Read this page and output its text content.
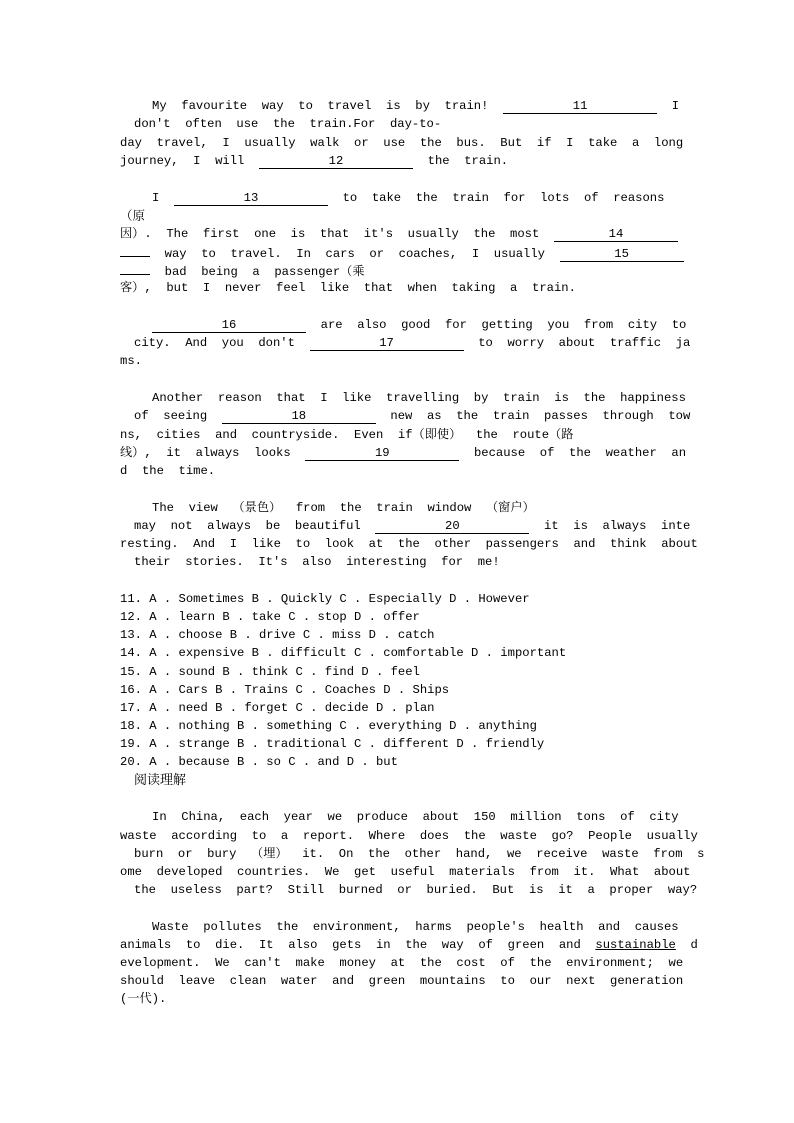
My  favourite  way  to  travel  is  by  train!	11	I
don't  often  use  the  train.For  day-to-
day  travel,  I  usually  walk  or  use  the  bus.  But  if  I  take  a  long
journey,  I  will	12	the  train.
I	13	to  take  the  train  for  lots  of  reasons
（原
因）.  The  first  one  is  that  it's  usually  the  most	14
way  to  travel.  In  cars  or  coaches,  I  usually	15
bad  being  a  passenger（乘
客）,  but  I  never  feel  like  that  when  taking  a  train.
16	are  also  good  for  getting  you  from  city  to
city.  And  you  don't	17	to  worry  about  traffic  ja
ms.
Another  reason  that  I  like  travelling  by  train  is  the  happiness
of  seeing	18	new  as  the  train  passes  through  tow
ns,  cities  and  countryside.  Even  if（即使）  the  route（路
线）,  it  always  looks	19	because  of  the  weather  an
d  the  time.
The  view  （景色）  from  the  train  window  （窗户）
may  not  always  be  beautiful	20	it  is  always  inte
resting.  And  I  like  to  look  at  the  other  passengers  and  think  about
their  stories.  It's  also  interesting  for  me!
11. A . Sometimes B . Quickly C . Especially D . However
12. A . learn B . take C . stop D . offer
13. A . choose B . drive C . miss D . catch
14. A . expensive B . difficult C . comfortable D . important
15. A . sound B . think C . find D . feel
16. A . Cars B . Trains C . Coaches D . Ships
17. A . need B . forget C . decide D . plan
18. A . nothing B . something C . everything D . anything
19. A . strange B . traditional C . different D . friendly
20. A . because B . so C . and D . but
阅读理解
In  China,  each  year  we  produce  about  150  million  tons  of  city
waste  according  to  a  report.  Where  does  the  waste  go?  People  usually
burn  or  bury  （埋）  it.  On  the  other  hand,  we  receive  waste  from  s
ome  developed  countries.  We  get  useful  materials  from  it.  What  about
the  useless  part?  Still  burned  or  buried.  But  is  it  a  proper  way?
Waste  pollutes  the  environment,  harms  people's  health  and  causes
animals  to  die.  It  also  gets  in  the  way  of  green  and sustainable d
evelopment.  We  can't  make  money  at  the  cost  of  the  environment;  we
should  leave  clean  water  and  green  mountains  to  our  next  generation
(一代).
